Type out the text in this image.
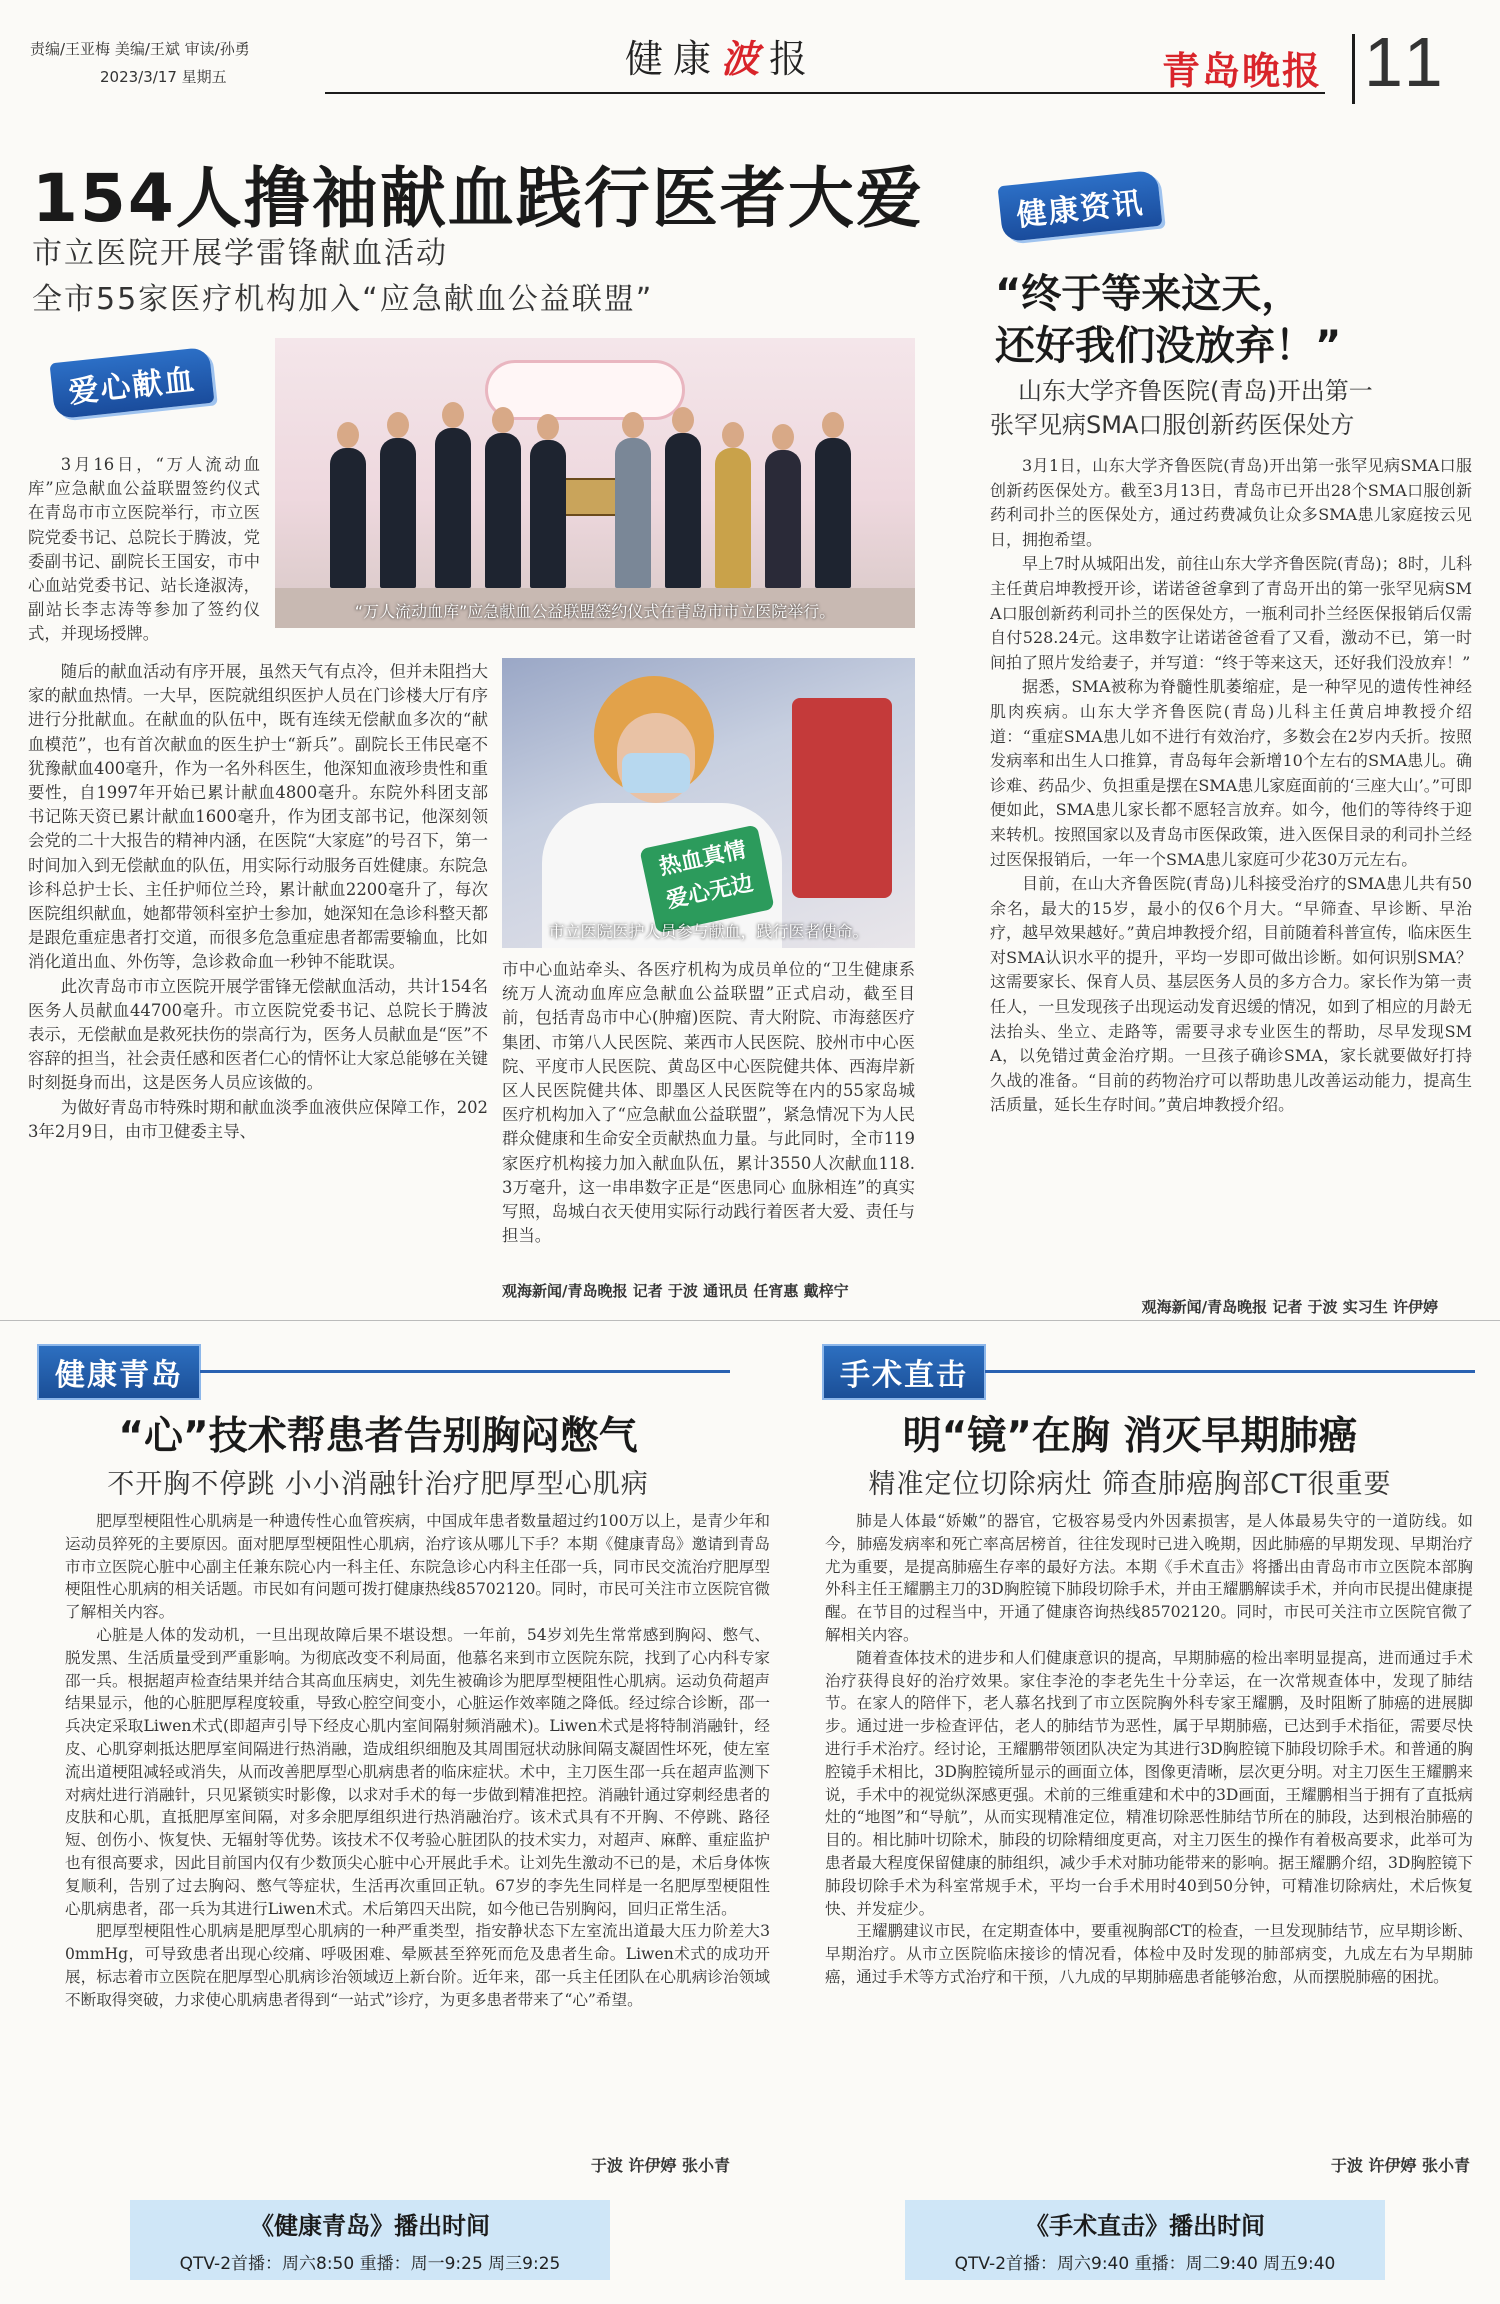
责编/王亚梅 美编/王斌 审读/孙勇
2023/3/17 星期五	健康波报	青岛晚报 11
154人撸袖献血践行医者大爱
市立医院开展学雷锋献血活动
全市55家医疗机构加入“应急献血公益联盟”
爱心献血
“万人流动血库”应急献血公益联盟签约仪式在青岛市市立医院举行。
热血真情
爱心无边
市立医院医护人员参与献血，践行医者使命。

3月16日，“万人流动血库”应急献血公益联盟签约仪式在青岛市市立医院举行，市立医院党委书记、总院长于腾波，党委副书记、副院长王国安，市中心血站党委书记、站长逄淑涛，副站长李志涛等参加了签约仪式，并现场授牌。

随后的献血活动有序开展，虽然天气有点冷，但并未阻挡大家的献血热情。一大早，医院就组织医护人员在门诊楼大厅有序进行分批献血。在献血的队伍中，既有连续无偿献血多次的“献血模范”，也有首次献血的医生护士“新兵”。副院长王伟民毫不犹豫献血400毫升，作为一名外科医生，他深知血液珍贵性和重要性，自1997年开始已累计献血4800毫升。东院外科团支部书记陈天资已累计献血1600毫升，作为团支部书记，他深刻领会党的二十大报告的精神内涵，在医院“大家庭”的号召下，第一时间加入到无偿献血的队伍，用实际行动服务百姓健康。东院急诊科总护士长、主任护师位兰玲，累计献血2200毫升了，每次医院组织献血，她都带领科室护士参加，她深知在急诊科整天都是跟危重症患者打交道，而很多危急重症患者都需要输血，比如消化道出血、外伤等，急诊救命血一秒钟不能耽误。

此次青岛市市立医院开展学雷锋无偿献血活动，共计154名医务人员献血44700毫升。市立医院党委书记、总院长于腾波表示，无偿献血是救死扶伤的崇高行为，医务人员献血是“医”不容辞的担当，社会责任感和医者仁心的情怀让大家总能够在关键时刻挺身而出，这是医务人员应该做的。

为做好青岛市特殊时期和献血淡季血液供应保障工作，2023年2月9日，由市卫健委主导、

市中心血站牵头、各医疗机构为成员单位的“卫生健康系统万人流动血库应急献血公益联盟”正式启动，截至目前，包括青岛市中心(肿瘤)医院、青大附院、市海慈医疗集团、市第八人民医院、莱西市人民医院、胶州市中心医院、平度市人民医院、黄岛区中心医院健共体、西海岸新区人民医院健共体、即墨区人民医院等在内的55家岛城医疗机构加入了“应急献血公益联盟”，紧急情况下为人民群众健康和生命安全贡献热血力量。与此同时，全市119家医疗机构接力加入献血队伍，累计3550人次献血118.3万毫升，这一串串数字正是“医患同心 血脉相连”的真实写照，岛城白衣天使用实际行动践行着医者大爱、责任与担当。

观海新闻/青岛晚报 记者 于波 通讯员 任宵惠 戴梓宁
健康资讯
“终于等来这天，
还好我们没放弃！”
山东大学齐鲁医院(青岛)开出第一
张罕见病SMA口服创新药医保处方

3月1日，山东大学齐鲁医院(青岛)开出第一张罕见病SMA口服创新药医保处方。截至3月13日，青岛市已开出28个SMA口服创新药利司扑兰的医保处方，通过药费减负让众多SMA患儿家庭按云见日，拥抱希望。

早上7时从城阳出发，前往山东大学齐鲁医院(青岛)；8时，儿科主任黄启坤教授开诊，诺诺爸爸拿到了青岛开出的第一张罕见病SMA口服创新药利司扑兰的医保处方，一瓶利司扑兰经医保报销后仅需自付528.24元。这串数字让诺诺爸爸看了又看，激动不已，第一时间拍了照片发给妻子，并写道：“终于等来这天，还好我们没放弃！”

据悉，SMA被称为脊髓性肌萎缩症，是一种罕见的遗传性神经肌肉疾病。山东大学齐鲁医院(青岛)儿科主任黄启坤教授介绍道：“重症SMA患儿如不进行有效治疗，多数会在2岁内夭折。按照发病率和出生人口推算，青岛每年会新增10个左右的SMA患儿。确诊难、药品少、负担重是摆在SMA患儿家庭面前的‘三座大山’。”可即便如此，SMA患儿家长都不愿轻言放弃。如今，他们的等待终于迎来转机。按照国家以及青岛市医保政策，进入医保目录的利司扑兰经过医保报销后，一年一个SMA患儿家庭可少花30万元左右。

目前，在山大齐鲁医院(青岛)儿科接受治疗的SMA患儿共有50余名，最大的15岁，最小的仅6个月大。“早筛查、早诊断、早治疗，越早效果越好。”黄启坤教授介绍，目前随着科普宣传，临床医生对SMA认识水平的提升，平均一岁即可做出诊断。如何识别SMA？这需要家长、保育人员、基层医务人员的多方合力。家长作为第一责任人，一旦发现孩子出现运动发育迟缓的情况，如到了相应的月龄无法抬头、坐立、走路等，需要寻求专业医生的帮助，尽早发现SMA，以免错过黄金治疗期。一旦孩子确诊SMA，家长就要做好打持久战的准备。“目前的药物治疗可以帮助患儿改善运动能力，提高生活质量，延长生存时间。”黄启坤教授介绍。

观海新闻/青岛晚报 记者 于波 实习生 许伊婷
健康青岛
“心”技术帮患者告别胸闷憋气
不开胸不停跳 小小消融针治疗肥厚型心肌病

肥厚型梗阻性心肌病是一种遗传性心血管疾病，中国成年患者数量超过约100万以上，是青少年和运动员猝死的主要原因。面对肥厚型梗阻性心肌病，治疗该从哪儿下手？本期《健康青岛》邀请到青岛市市立医院心脏中心副主任兼东院心内一科主任、东院急诊心内科主任邵一兵，同市民交流治疗肥厚型梗阻性心肌病的相关话题。市民如有问题可拨打健康热线85702120。同时，市民可关注市立医院官微了解相关内容。

心脏是人体的发动机，一旦出现故障后果不堪设想。一年前，54岁刘先生常常感到胸闷、憋气、脱发黑、生活质量受到严重影响。为彻底改变不利局面，他慕名来到市立医院东院，找到了心内科专家邵一兵。根据超声检查结果并结合其高血压病史，刘先生被确诊为肥厚型梗阻性心肌病。运动负荷超声结果显示，他的心脏肥厚程度较重，导致心腔空间变小，心脏运作效率随之降低。经过综合诊断，邵一兵决定采取Liwen术式(即超声引导下经皮心肌内室间隔射频消融术)。Liwen术式是将特制消融针，经皮、心肌穿刺抵达肥厚室间隔进行热消融，造成组织细胞及其周围冠状动脉间隔支凝固性坏死，使左室流出道梗阻减轻或消失，从而改善肥厚型心肌病患者的临床症状。术中，主刀医生邵一兵在超声监测下对病灶进行消融针，只见紧锁实时影像，以求对手术的每一步做到精准把控。消融针通过穿刺经患者的皮肤和心肌，直抵肥厚室间隔，对多余肥厚组织进行热消融治疗。该术式具有不开胸、不停跳、路径短、创伤小、恢复快、无辐射等优势。该技术不仅考验心脏团队的技术实力，对超声、麻醉、重症监护也有很高要求，因此目前国内仅有少数顶尖心脏中心开展此手术。让刘先生激动不已的是，术后身体恢复顺利，告别了过去胸闷、憋气等症状，生活再次重回正轨。67岁的李先生同样是一名肥厚型梗阻性心肌病患者，邵一兵为其进行Liwen术式。术后第四天出院，如今他已告别胸闷，回归正常生活。

肥厚型梗阻性心肌病是肥厚型心肌病的一种严重类型，指安静状态下左室流出道最大压力阶差大30mmHg，可导致患者出现心绞痛、呼吸困难、晕厥甚至猝死而危及患者生命。Liwen术式的成功开展，标志着市立医院在肥厚型心肌病诊治领域迈上新台阶。近年来，邵一兵主任团队在心肌病诊治领域不断取得突破，力求使心肌病患者得到“一站式”诊疗，为更多患者带来了“心”希望。

于波 许伊婷 张小青
手术直击
明“镜”在胸 消灭早期肺癌
精准定位切除病灶 筛查肺癌胸部CT很重要

肺是人体最“娇嫩”的器官，它极容易受内外因素损害，是人体最易失守的一道防线。如今，肺癌发病率和死亡率高居榜首，往往发现时已进入晚期，因此肺癌的早期发现、早期治疗尤为重要，是提高肺癌生存率的最好方法。本期《手术直击》将播出由青岛市市立医院本部胸外科主任王耀鹏主刀的3D胸腔镜下肺段切除手术，并由王耀鹏解读手术，并向市民提出健康提醒。在节目的过程当中，开通了健康咨询热线85702120。同时，市民可关注市立医院官微了解相关内容。

随着查体技术的进步和人们健康意识的提高，早期肺癌的检出率明显提高，进而通过手术治疗获得良好的治疗效果。家住李沧的李老先生十分幸运，在一次常规查体中，发现了肺结节。在家人的陪伴下，老人慕名找到了市立医院胸外科专家王耀鹏，及时阻断了肺癌的进展脚步。通过进一步检查评估，老人的肺结节为恶性，属于早期肺癌，已达到手术指征，需要尽快进行手术治疗。经讨论，王耀鹏带领团队决定为其进行3D胸腔镜下肺段切除手术。和普通的胸腔镜手术相比，3D胸腔镜所显示的画面立体，图像更清晰，层次更分明。对主刀医生王耀鹏来说，手术中的视觉纵深感更强。术前的三维重建和术中的3D画面，王耀鹏相当于拥有了直抵病灶的“地图”和“导航”，从而实现精准定位，精准切除恶性肺结节所在的肺段，达到根治肺癌的目的。相比肺叶切除术，肺段的切除精细度更高，对主刀医生的操作有着极高要求，此举可为患者最大程度保留健康的肺组织，减少手术对肺功能带来的影响。据王耀鹏介绍，3D胸腔镜下肺段切除手术为科室常规手术，平均一台手术用时40到50分钟，可精准切除病灶，术后恢复快、并发症少。

王耀鹏建议市民，在定期查体中，要重视胸部CT的检查，一旦发现肺结节，应早期诊断、早期治疗。从市立医院临床接诊的情况看，体检中及时发现的肺部病变，九成左右为早期肺癌，通过手术等方式治疗和干预，八九成的早期肺癌患者能够治愈，从而摆脱肺癌的困扰。

于波 许伊婷 张小青
《健康青岛》播出时间
QTV-2首播：周六8:50 重播：周一9:25 周三9:25
《手术直击》播出时间
QTV-2首播：周六9:40 重播：周二9:40 周五9:40
